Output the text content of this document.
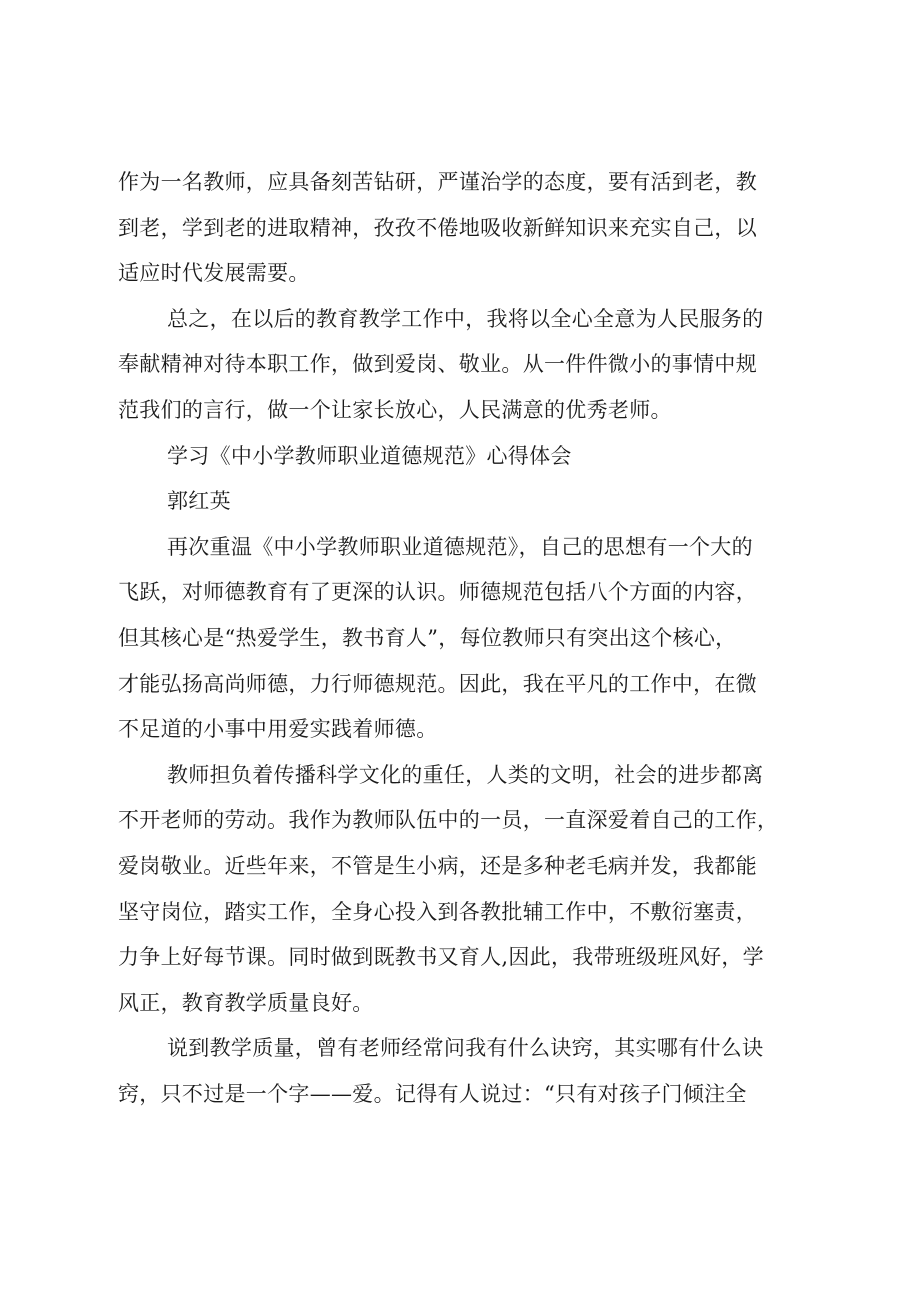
作为一名教师，应具备刻苦钻研，严谨治学的态度，要有活到老，教
到老，学到老的进取精神，孜孜不倦地吸收新鲜知识来充实自己，以
适应时代发展需要。
总之，在以后的教育教学工作中，我将以全心全意为人民服务的
奉献精神对待本职工作，做到爱岗、敬业。从一件件微小的事情中规
范我们的言行，做一个让家长放心，人民满意的优秀老师。
学习《中小学教师职业道德规范》心得体会
郭红英
再次重温《中小学教师职业道德规范》，自己的思想有一个大的
飞跃，对师德教育有了更深的认识。师德规范包括八个方面的内容，
但其核心是“热爱学生，教书育人”，每位教师只有突出这个核心，
才能弘扬高尚师德，力行师德规范。因此，我在平凡的工作中，在微
不足道的小事中用爱实践着师德。
教师担负着传播科学文化的重任，人类的文明，社会的进步都离
不开老师的劳动。我作为教师队伍中的一员，一直深爱着自己的工作，
爱岗敬业。近些年来，不管是生小病，还是多种老毛病并发，我都能
坚守岗位，踏实工作，全身心投入到各教批辅工作中，不敷衍塞责，
力争上好每节课。同时做到既教书又育人,因此，我带班级班风好，学
风正，教育教学质量良好。
说到教学质量，曾有老师经常问我有什么诀窍，其实哪有什么诀
窍，只不过是一个字——爱。记得有人说过：“只有对孩子门倾注全
